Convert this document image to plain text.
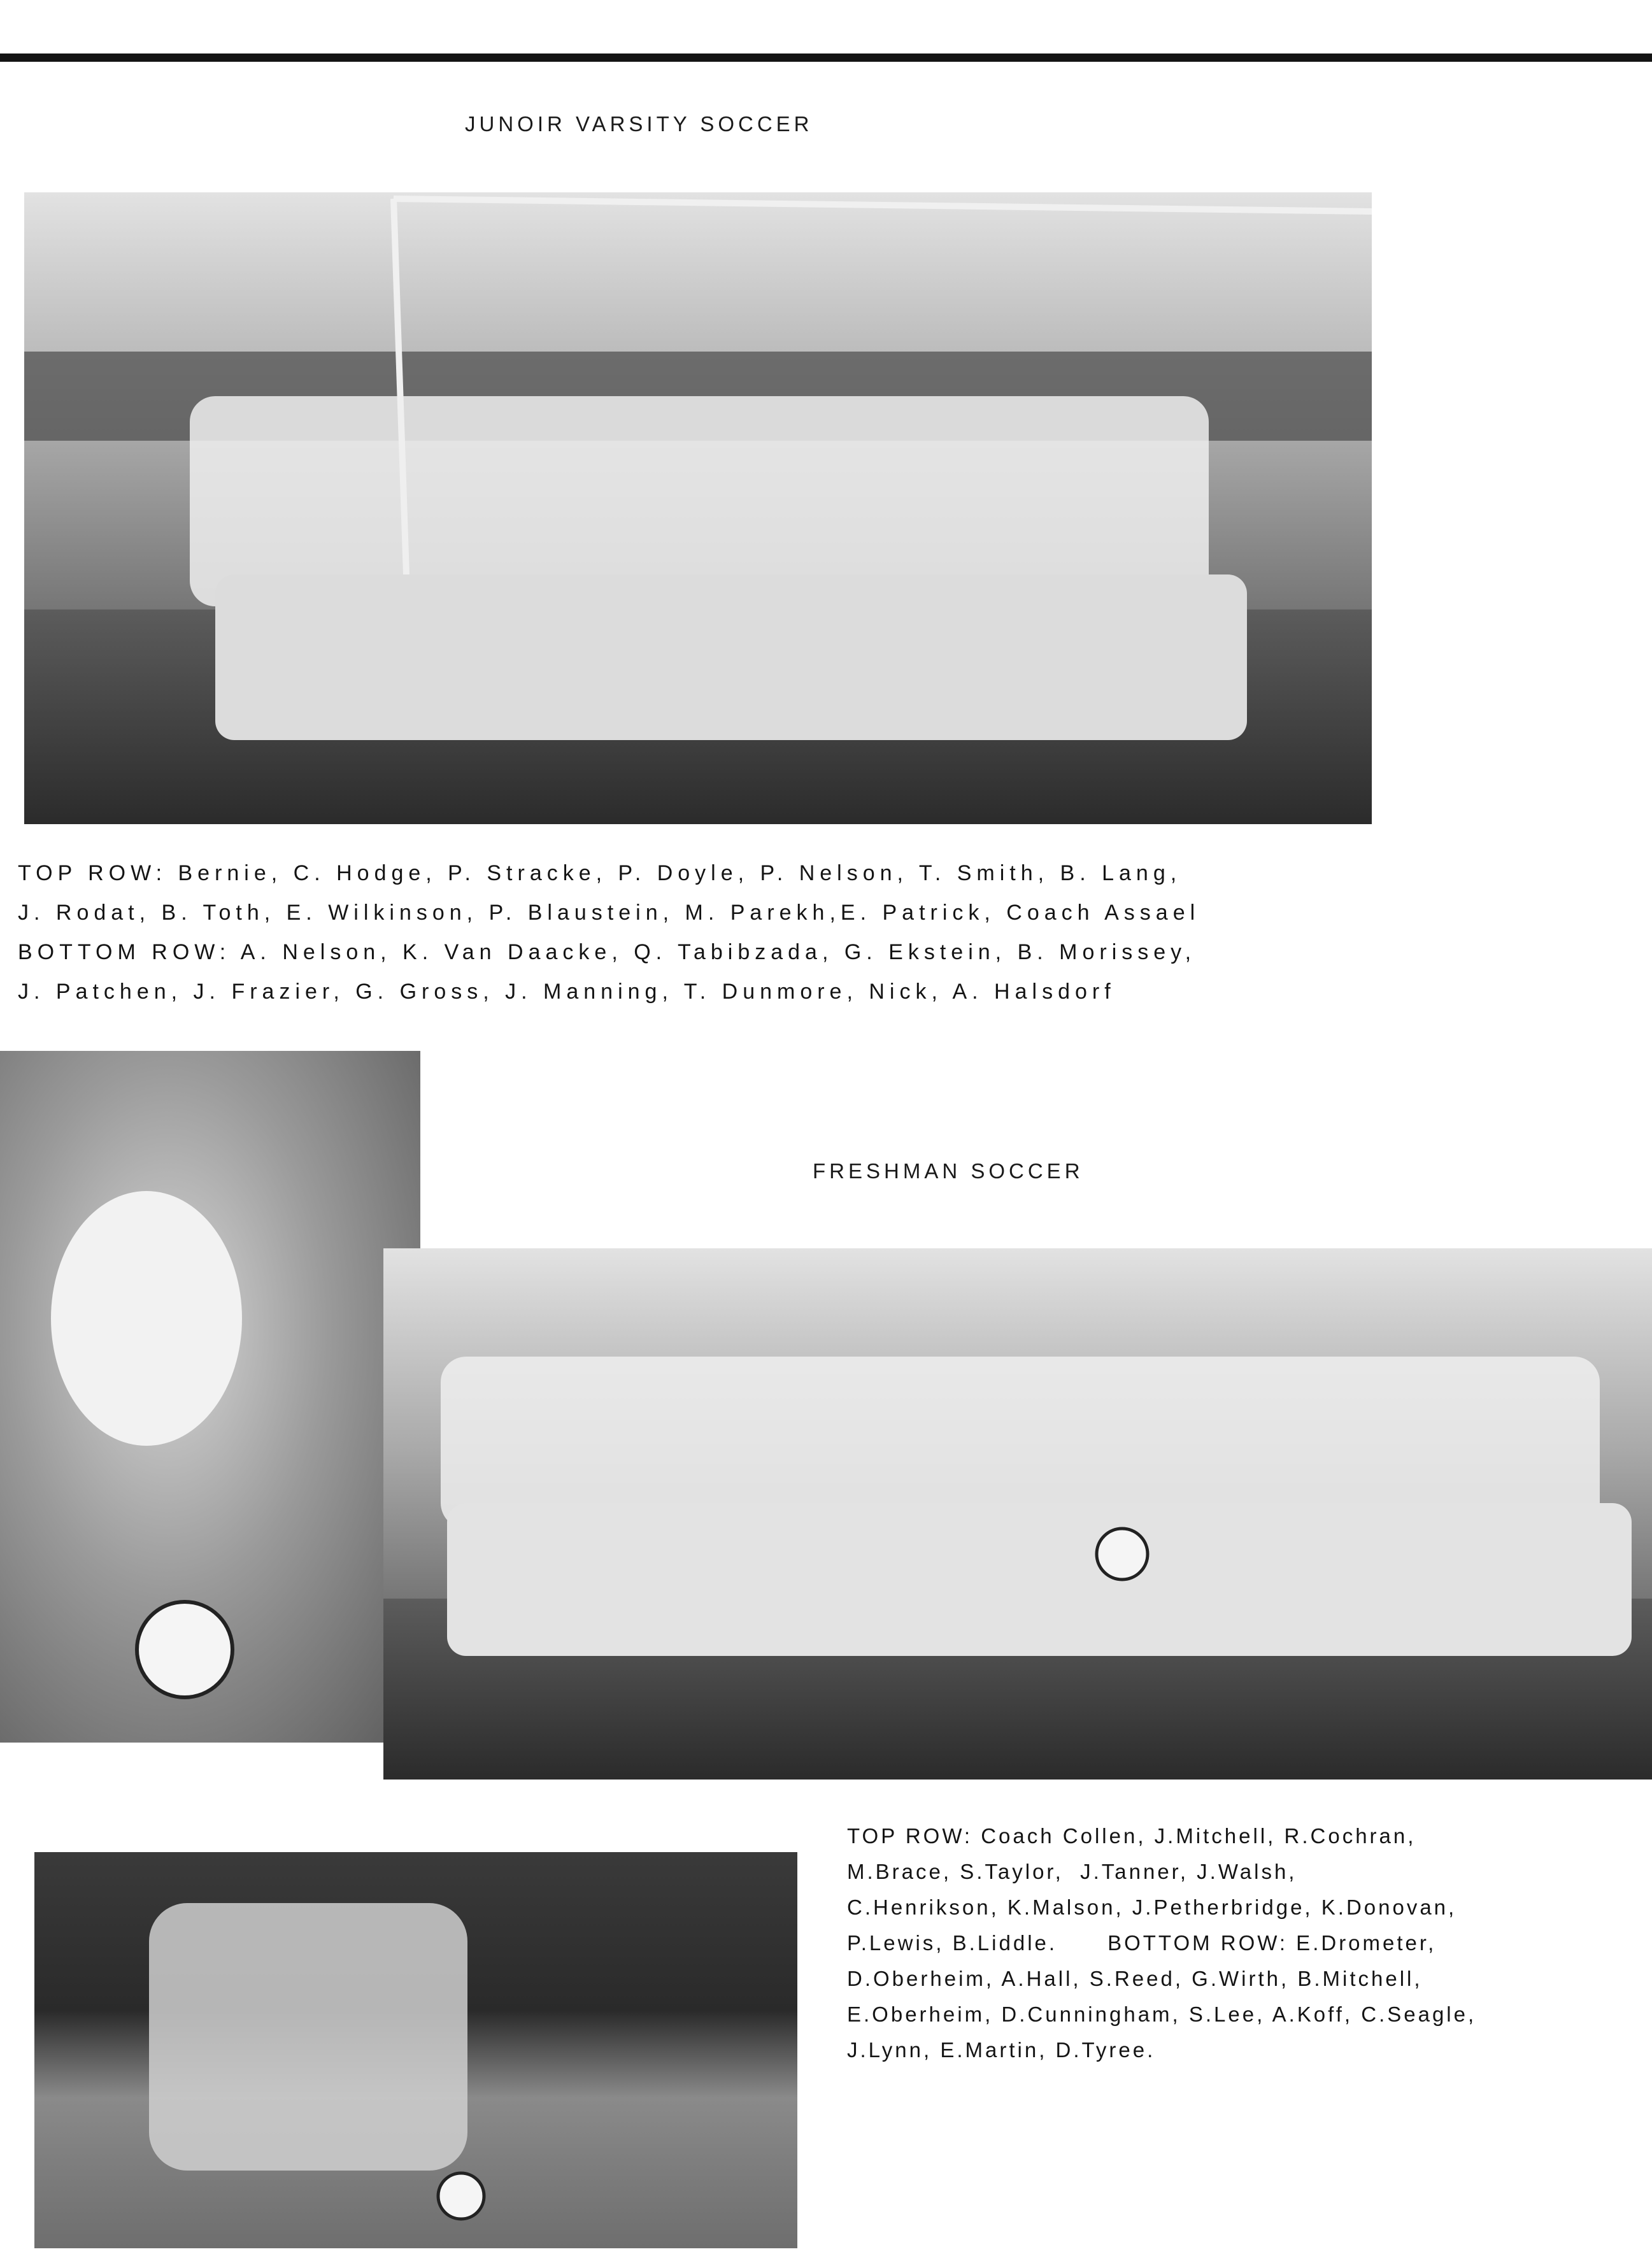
JUNOIR VARSITY SOCCER
TOP ROW: Bernie, C. Hodge, P. Stracke, P. Doyle, P. Nelson, T. Smith, B. Lang,
J. Rodat, B. Toth, E. Wilkinson, P. Blaustein, M. Parekh,E. Patrick, Coach Assael
BOTTOM ROW: A. Nelson, K. Van Daacke, Q. Tabibzada, G. Ekstein, B. Morissey,
J. Patchen, J. Frazier, G. Gross, J. Manning, T. Dunmore, Nick, A. Halsdorf
FRESHMAN SOCCER
TOP ROW: Coach Collen, J.Mitchell, R.Cochran,
M.Brace, S.Taylor,  J.Tanner, J.Walsh,
C.Henrikson, K.Malson, J.Petherbridge, K.Donovan,
P.Lewis, B.Liddle.      BOTTOM ROW: E.Drometer,
D.Oberheim, A.Hall, S.Reed, G.Wirth, B.Mitchell,
E.Oberheim, D.Cunningham, S.Lee, A.Koff, C.Seagle,
J.Lynn, E.Martin, D.Tyree.
